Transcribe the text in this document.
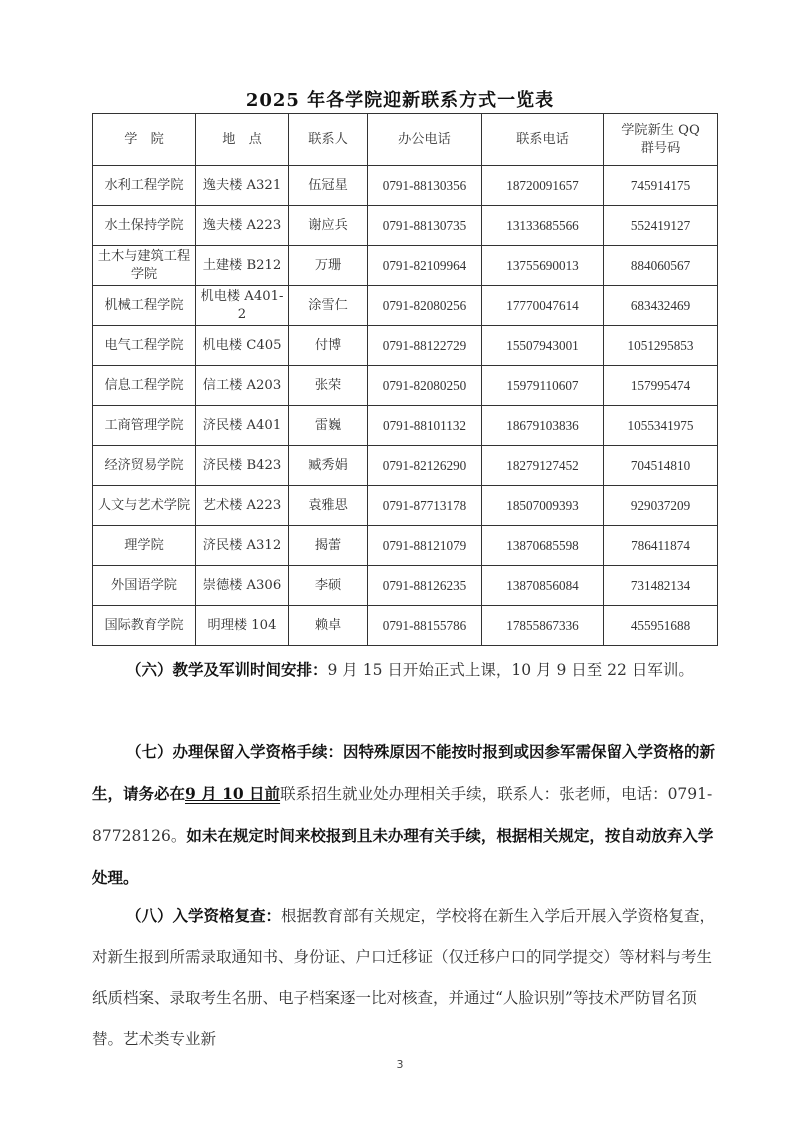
2025 年各学院迎新联系方式一览表
学　院	地　点	联系人	办公电话	联系电话	学院新生 QQ 群号码
水利工程学院	逸夫楼 A321	伍冠星	0791-88130356	18720091657	745914175
水土保持学院	逸夫楼 A223	谢应兵	0791-88130735	13133685566	552419127
土木与建筑工程学院	土建楼 B212	万珊	0791-82109964	13755690013	884060567
机械工程学院	机电楼 A401-2	涂雪仁	0791-82080256	17770047614	683432469
电气工程学院	机电楼 C405	付博	0791-88122729	15507943001	1051295853
信息工程学院	信工楼 A203	张荣	0791-82080250	15979110607	157995474
工商管理学院	济民楼 A401	雷巍	0791-88101132	18679103836	1055341975
经济贸易学院	济民楼 B423	臧秀娟	0791-82126290	18279127452	704514810
人文与艺术学院	艺术楼 A223	袁雅思	0791-87713178	18507009393	929037209
理学院	济民楼 A312	揭蕾	0791-88121079	13870685598	786411874
外国语学院	崇德楼 A306	李硕	0791-88126235	13870856084	731482134
国际教育学院	明理楼 104	赖卓	0791-88155786	17855867336	455951688
（六）教学及军训时间安排：9 月 15 日开始正式上课，10 月 9 日至 22 日军训。
（七）办理保留入学资格手续：因特殊原因不能按时报到或因参军需保留入学资格的新生，请务必在9 月 10 日前联系招生就业处办理相关手续，联系人：张老师，电话：0791-87728126。如未在规定时间来校报到且未办理有关手续，根据相关规定，按自动放弃入学处理。
（八）入学资格复查：根据教育部有关规定，学校将在新生入学后开展入学资格复查，对新生报到所需录取通知书、身份证、户口迁移证（仅迁移户口的同学提交）等材料与考生纸质档案、录取考生名册、电子档案逐一比对核查，并通过“人脸识别”等技术严防冒名顶替。艺术类专业新
3
